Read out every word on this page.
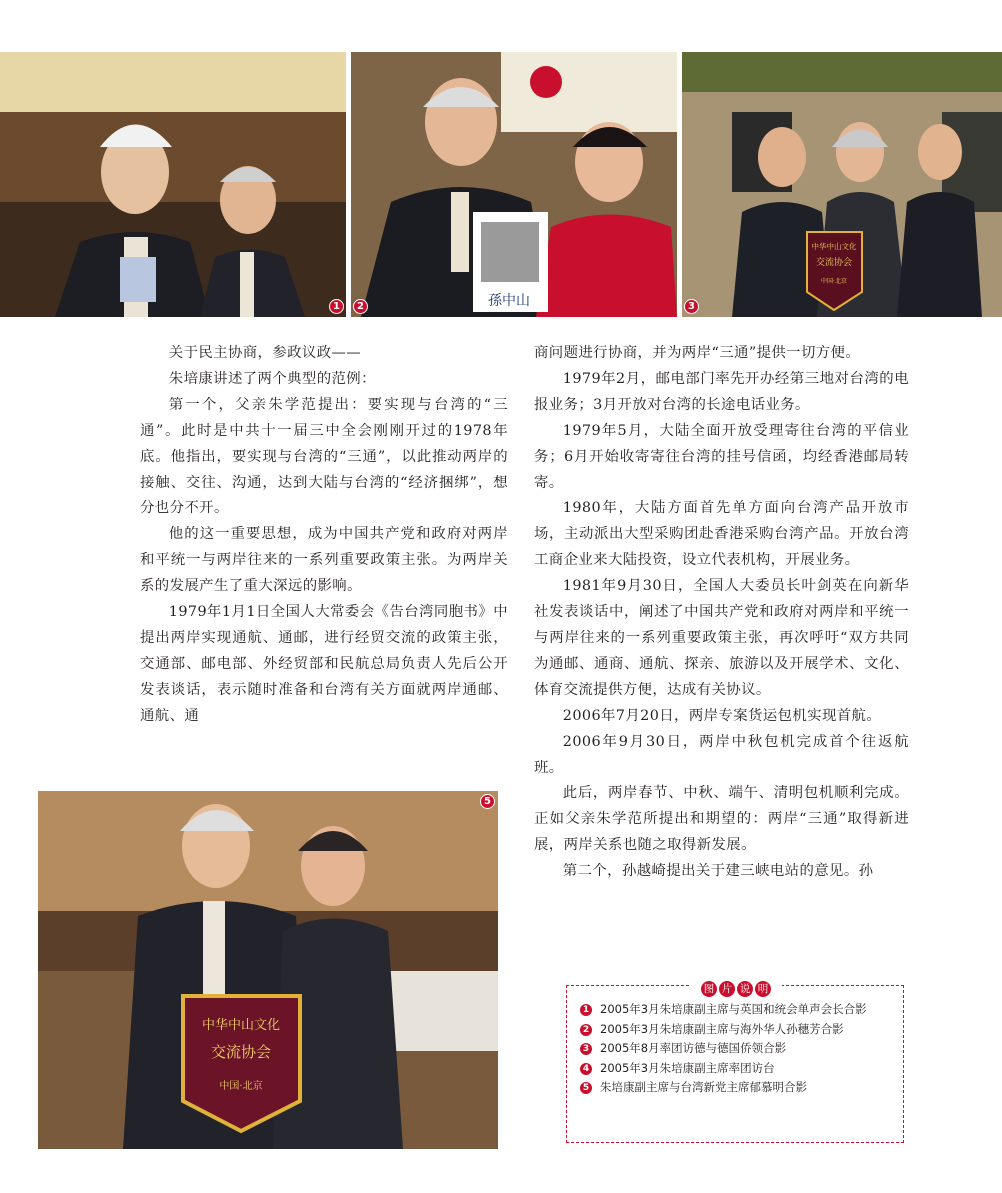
1	孫中山
2
中华中山文化
交流协会
中国·北京
3

关于民主协商，参政议政——

朱培康讲述了两个典型的范例：

第一个，父亲朱学范提出：要实现与台湾的“三通”。此时是中共十一届三中全会刚刚开过的1978年底。他指出，要实现与台湾的“三通”，以此推动两岸的接触、交往、沟通，达到大陆与台湾的“经济捆绑”，想分也分不开。

他的这一重要思想，成为中国共产党和政府对两岸和平统一与两岸往来的一系列重要政策主张。为两岸关系的发展产生了重大深远的影响。

1979年1月1日全国人大常委会《告台湾同胞书》中提出两岸实现通航、通邮，进行经贸交流的政策主张，交通部、邮电部、外经贸部和民航总局负责人先后公开发表谈话，表示随时准备和台湾有关方面就两岸通邮、通航、通

中华中山文化
交流协会
中国·北京
5

商问题进行协商，并为两岸“三通”提供一切方便。

1979年2月，邮电部门率先开办经第三地对台湾的电报业务；3月开放对台湾的长途电话业务。

1979年5月，大陆全面开放受理寄往台湾的平信业务；6月开始收寄寄往台湾的挂号信函，均经香港邮局转寄。

1980年，大陆方面首先单方面向台湾产品开放市场，主动派出大型采购团赴香港采购台湾产品。开放台湾工商企业来大陆投资，设立代表机构，开展业务。

1981年9月30日，全国人大委员长叶剑英在向新华社发表谈话中，阐述了中国共产党和政府对两岸和平统一与两岸往来的一系列重要政策主张，再次呼吁“双方共同为通邮、通商、通航、探亲、旅游以及开展学术、文化、体育交流提供方便，达成有关协议。

2006年7月20日，两岸专案货运包机实现首航。

2006年9月30日，两岸中秋包机完成首个往返航班。

此后，两岸春节、中秋、端午、清明包机顺利完成。正如父亲朱学范所提出和期望的：两岸“三通”取得新进展，两岸关系也随之取得新发展。

第二个，孙越崎提出关于建三峡电站的意见。孙

图 片 说 明
1 2005年3月朱培康副主席与英国和统会单声会长合影
2 2005年3月朱培康副主席与海外华人孙穗芳合影
3 2005年8月率团访德与德国侨领合影
4 2005年3月朱培康副主席率团访台
5 朱培康副主席与台湾新党主席郁慕明合影
